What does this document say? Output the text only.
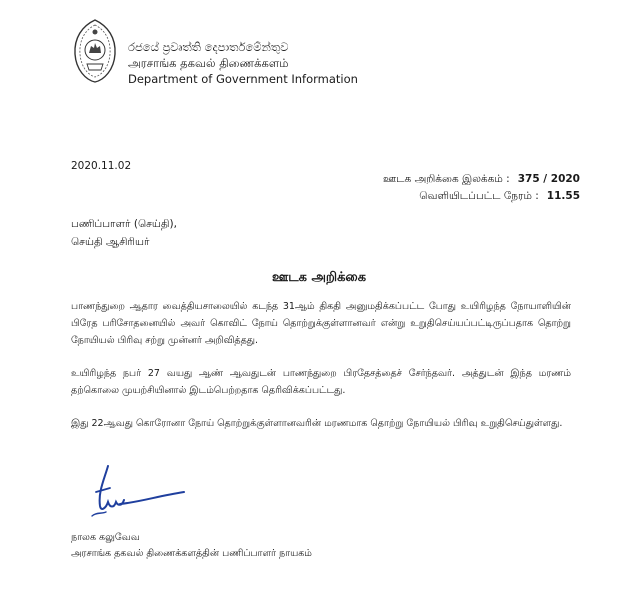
රජයේ ප්‍රවෘත්ති දෙපාර්තමේන්තුව
அரசாங்க தகவல் திணைக்களம்
Department of Government Information
2020.11.02
ஊடக அறிக்கை இலக்கம் : 375 / 2020
வெளியிடப்பட்ட நேரம் : 11.55
பணிப்பாளர் (செய்தி),
செய்தி ஆசிரியர்
ஊடக அறிக்கை

பாணந்துறை ஆதார வைத்தியசாலையில் கடந்த 31ஆம் திகதி அனுமதிக்கப்பட்ட போது உயிரிழந்த நோயாளியின் பிரேத பரிசோதனையில் அவர் கொவிட் நோய் தொற்றுக்குள்ளானவர் என்று உறுதிசெய்யப்பட்டிருப்பதாக தொற்று நோயியல் பிரிவு சற்று முன்னர் அறிவித்தது.

உயிரிழந்த நபர் 27 வயது ஆண் ஆவதுடன் பாணந்துறை பிரதேசத்தைச் சேர்ந்தவர். அத்துடன் இந்த மரணம் தற்கொலை முயற்சியினால் இடம்பெற்றதாக தெரிவிக்கப்பட்டது.

இது 22ஆவது கொரோனா நோய் தொற்றுக்குள்ளானவரின் மரணமாக தொற்று நோயியல் பிரிவு உறுதிசெய்துள்ளது.

நாலக கலுவேவ
அரசாங்க தகவல் திணைக்களத்தின் பணிப்பாளர் நாயகம்
